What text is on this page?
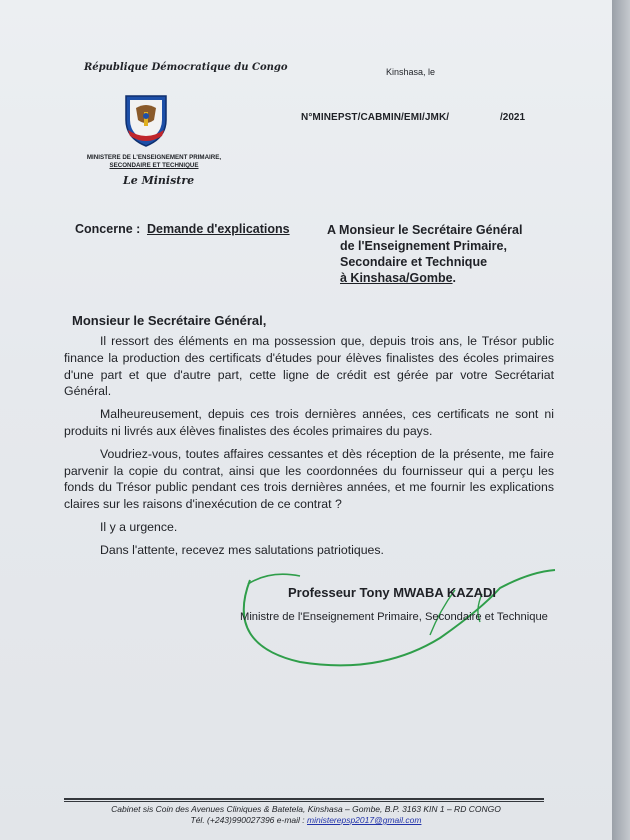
République Démocratique du Congo	Kinshasa, le
N°MINEPST/CABMIN/EMI/JMK/	/2021
MINISTERE DE L'ENSEIGNEMENT PRIMAIRE,
SECONDAIRE ET TECHNIQUE
Le Ministre
Concerne : Demande d'explications	A Monsieur le Secrétaire Général
de l'Enseignement Primaire,
Secondaire et Technique
à Kinshasa/Gombe.
Monsieur le Secrétaire Général,

Il ressort des éléments en ma possession que, depuis trois ans, le Trésor public finance la production des certificats d'études pour élèves finalistes des écoles primaires d'une part et que d'autre part, cette ligne de crédit est gérée par votre Secrétariat Général.

Malheureusement, depuis ces trois dernières années, ces certificats ne sont ni produits ni livrés aux élèves finalistes des écoles primaires du pays.

Voudriez-vous, toutes affaires cessantes et dès réception de la présente, me faire parvenir la copie du contrat, ainsi que les coordonnées du fournisseur qui a perçu les fonds du Trésor public pendant ces trois dernières années, et me fournir les explications claires sur les raisons d'inexécution de ce contrat ?

Il y a urgence.

Dans l'attente, recevez mes salutations patriotiques.

Professeur Tony MWABA KAZADI
Ministre de l'Enseignement Primaire, Secondaire et Technique
Cabinet sis Coin des Avenues Cliniques & Batetela, Kinshasa – Gombe, B.P. 3163 KIN 1 – RD CONGO
Tél. (+243)990027396 e-mail : ministerepsp2017@gmail.com
